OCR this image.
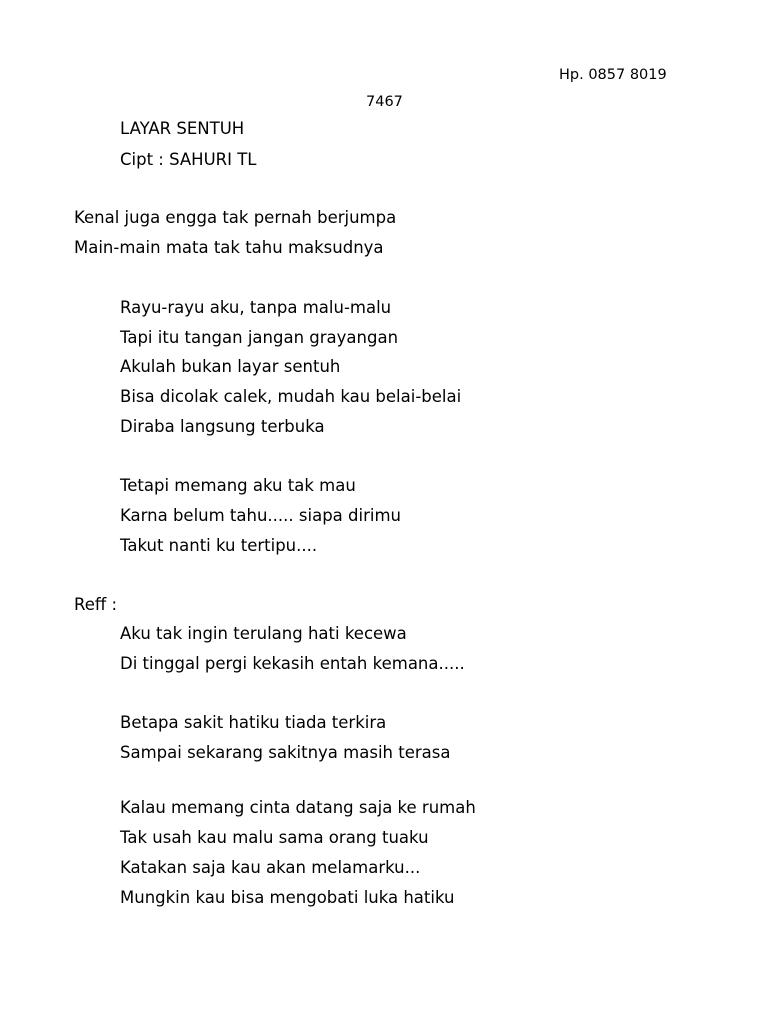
Hp. 0857 8019
7467
LAYAR SENTUH
Cipt : SAHURI TL
Kenal juga engga tak pernah berjumpa
Main-main mata tak tahu maksudnya
Rayu-rayu aku, tanpa malu-malu
Tapi itu tangan jangan grayangan
Akulah bukan layar sentuh
Bisa dicolak calek, mudah kau belai-belai
Diraba langsung terbuka
Tetapi memang aku tak mau
Karna belum tahu..... siapa dirimu
Takut nanti ku tertipu....
Reff :
Aku tak ingin terulang hati kecewa
Di tinggal pergi kekasih entah kemana.....
Betapa sakit hatiku tiada terkira
Sampai sekarang sakitnya masih terasa
Kalau memang cinta datang saja ke rumah
Tak usah kau malu sama orang tuaku
Katakan saja kau akan melamarku...
Mungkin kau bisa mengobati luka hatiku
